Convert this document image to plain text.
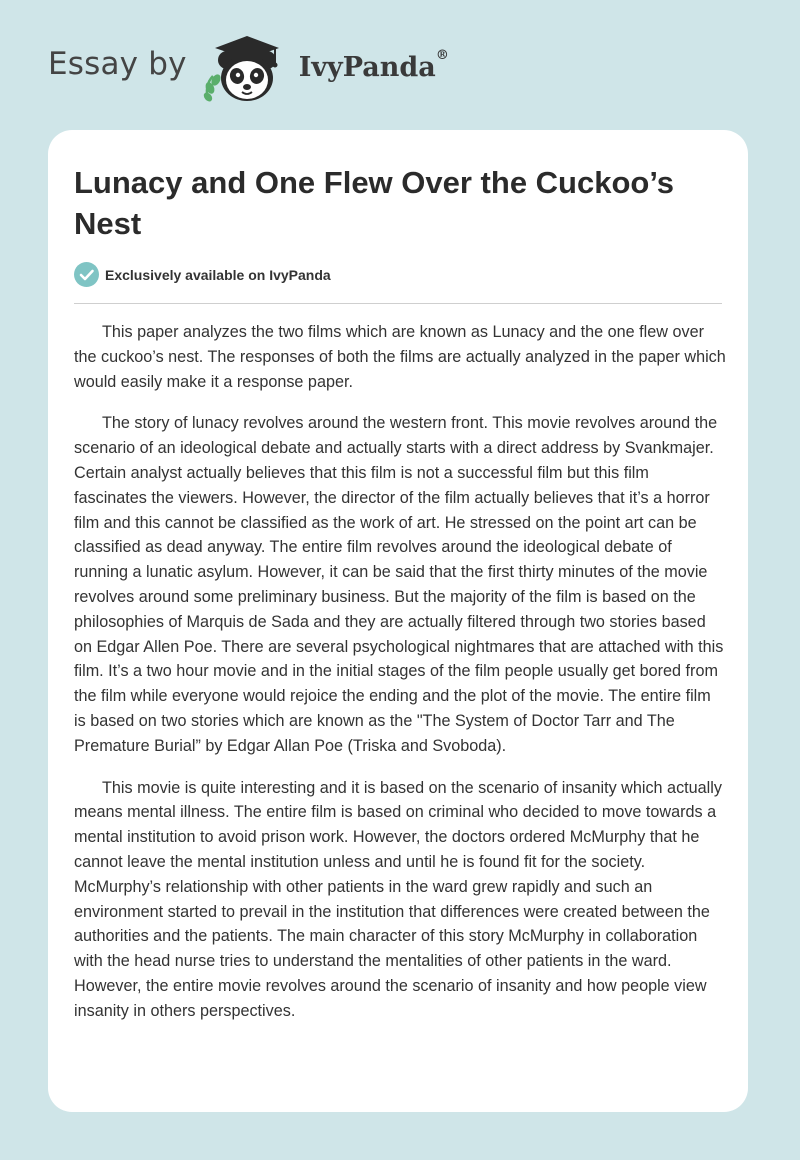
Essay by	IvyPanda®
Lunacy and One Flew Over the Cuckoo’s Nest
Exclusively available on IvyPanda

This paper analyzes the two films which are known as Lunacy and the one flew over the cuckoo’s nest. The responses of both the films are actually analyzed in the paper which would easily make it a response paper.

The story of lunacy revolves around the western front. This movie revolves around the scenario of an ideological debate and actually starts with a direct address by Svankmajer. Certain analyst actually believes that this film is not a successful film but this film fascinates the viewers. However, the director of the film actually believes that it’s a horror film and this cannot be classified as the work of art. He stressed on the point art can be classified as dead anyway. The entire film revolves around the ideological debate of running a lunatic asylum. However, it can be said that the first thirty minutes of the movie revolves around some preliminary business. But the majority of the film is based on the philosophies of Marquis de Sada and they are actually filtered through two stories based on Edgar Allen Poe. There are several psychological nightmares that are attached with this film. It’s a two hour movie and in the initial stages of the film people usually get bored from the film while everyone would rejoice the ending and the plot of the movie. The entire film is based on two stories which are known as the "The System of Doctor Tarr and The Premature Burial” by Edgar Allan Poe (Triska and Svoboda).

This movie is quite interesting and it is based on the scenario of insanity which actually means mental illness. The entire film is based on criminal who decided to move towards a mental institution to avoid prison work. However, the doctors ordered McMurphy that he cannot leave the mental institution unless and until he is found fit for the society. McMurphy’s relationship with other patients in the ward grew rapidly and such an environment started to prevail in the institution that differences were created between the authorities and the patients. The main character of this story McMurphy in collaboration with the head nurse tries to understand the mentalities of other patients in the ward. However, the entire movie revolves around the scenario of insanity and how people view insanity in others perspectives.
